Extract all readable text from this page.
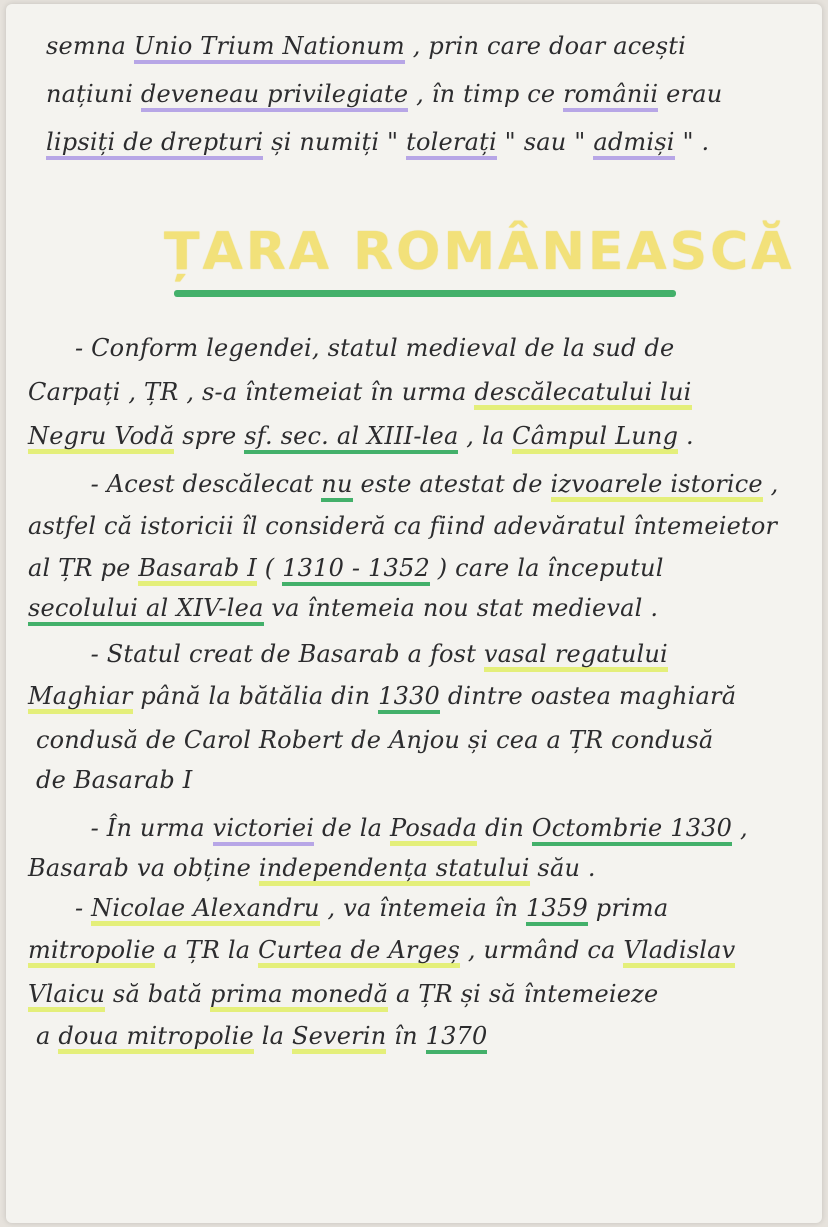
semna Unio Trium Nationum , prin care doar acești
națiuni deveneau privilegiate , în timp ce românii erau
lipsiți de drepturi și numiți " tolerați " sau " admiși " .
ȚARA ROMÂNEASCĂ
- Conform legendei, statul medieval de la sud de
Carpați , ȚR , s-a întemeiat în urma descălecatului lui
Negru Vodă spre sf. sec. al XIII-lea , la Câmpul Lung .
- Acest descălecat nu este atestat de izvoarele istorice ,
astfel că istoricii îl consideră ca fiind adevăratul întemeietor
al ȚR pe Basarab I ( 1310 - 1352 ) care la începutul
secolului al XIV-lea va întemeia nou stat medieval .
- Statul creat de Basarab a fost vasal regatului
Maghiar până la bătălia din 1330 dintre oastea maghiară
condusă de Carol Robert de Anjou și cea a ȚR condusă
de Basarab I
- În urma victoriei de la Posada din Octombrie 1330 ,
Basarab va obține independența statului său .
- Nicolae Alexandru , va întemeia în 1359 prima
mitropolie a ȚR la Curtea de Argeș , urmând ca Vladislav
Vlaicu să bată prima monedă a ȚR și să întemeieze
a doua mitropolie la Severin în 1370
